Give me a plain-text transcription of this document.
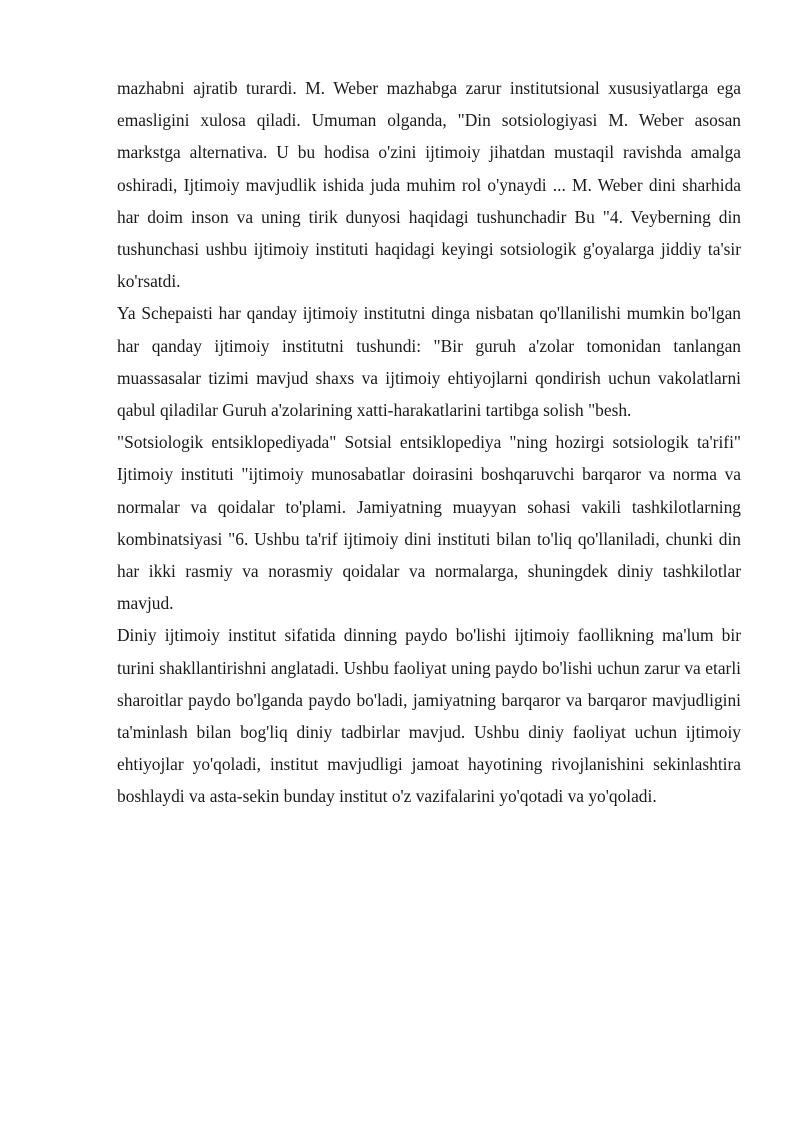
mazhabni ajratib turardi. M. Weber mazhabga zarur institutsional xususiyatlarga ega emasligini xulosa qiladi. Umuman olganda, "Din sotsiologiyasi M. Weber asosan markstga alternativa. U bu hodisa o'zini ijtimoiy jihatdan mustaqil ravishda amalga oshiradi, Ijtimoiy mavjudlik ishida juda muhim rol o'ynaydi ... M. Weber dini sharhida har doim inson va uning tirik dunyosi haqidagi tushunchadir Bu "4. Veyberning din tushunchasi ushbu ijtimoiy instituti haqidagi keyingi sotsiologik g'oyalarga jiddiy ta'sir ko'rsatdi.

Ya Schepaisti har qanday ijtimoiy institutni dinga nisbatan qo'llanilishi mumkin bo'lgan har qanday ijtimoiy institutni tushundi: "Bir guruh a'zolar tomonidan tanlangan muassasalar tizimi mavjud shaxs va ijtimoiy ehtiyojlarni qondirish uchun vakolatlarni qabul qiladilar Guruh a'zolarining xatti-harakatlarini tartibga solish "besh.

"Sotsiologik entsiklopediyada" Sotsial entsiklopediya "ning hozirgi sotsiologik ta'rifi" Ijtimoiy instituti "ijtimoiy munosabatlar doirasini boshqaruvchi barqaror va norma va normalar va qoidalar to'plami. Jamiyatning muayyan sohasi vakili tashkilotlarning kombinatsiyasi "6. Ushbu ta'rif ijtimoiy dini instituti bilan to'liq qo'llaniladi, chunki din har ikki rasmiy va norasmiy qoidalar va normalarga, shuningdek diniy tashkilotlar mavjud.

Diniy ijtimoiy institut sifatida dinning paydo bo'lishi ijtimoiy faollikning ma'lum bir turini shakllantirishni anglatadi. Ushbu faoliyat uning paydo bo'lishi uchun zarur va etarli sharoitlar paydo bo'lganda paydo bo'ladi, jamiyatning barqaror va barqaror mavjudligini ta'minlash bilan bog'liq diniy tadbirlar mavjud. Ushbu diniy faoliyat uchun ijtimoiy ehtiyojlar yo'qoladi, institut mavjudligi jamoat hayotining rivojlanishini sekinlashtira boshlaydi va asta-sekin bunday institut o'z vazifalarini yo'qotadi va yo'qoladi.
